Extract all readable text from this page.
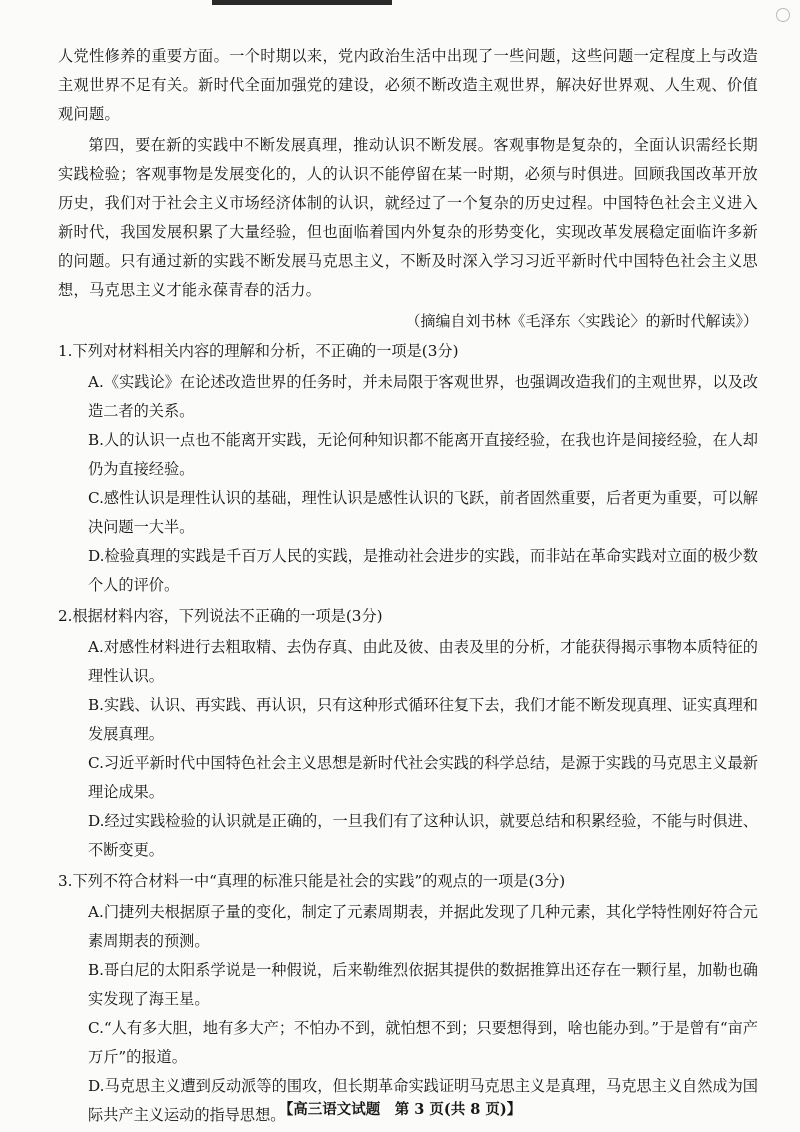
人党性修养的重要方面。一个时期以来，党内政治生活中出现了一些问题，这些问题一定程度上与改造主观世界不足有关。新时代全面加强党的建设，必须不断改造主观世界，解决好世界观、人生观、价值观问题。

第四，要在新的实践中不断发展真理，推动认识不断发展。客观事物是复杂的，全面认识需经长期实践检验；客观事物是发展变化的，人的认识不能停留在某一时期，必须与时俱进。回顾我国改革开放历史，我们对于社会主义市场经济体制的认识，就经过了一个复杂的历史过程。中国特色社会主义进入新时代，我国发展积累了大量经验，但也面临着国内外复杂的形势变化，实现改革发展稳定面临许多新的问题。只有通过新的实践不断发展马克思主义，不断及时深入学习习近平新时代中国特色社会主义思想，马克思主义才能永葆青春的活力。

（摘编自刘书林《毛泽东〈实践论〉的新时代解读》）

1.下列对材料相关内容的理解和分析，不正确的一项是(3分)

A.《实践论》在论述改造世界的任务时，并未局限于客观世界，也强调改造我们的主观世界，以及改造二者的关系。

B.人的认识一点也不能离开实践，无论何种知识都不能离开直接经验，在我也许是间接经验，在人却仍为直接经验。

C.感性认识是理性认识的基础，理性认识是感性认识的飞跃，前者固然重要，后者更为重要，可以解决问题一大半。

D.检验真理的实践是千百万人民的实践，是推动社会进步的实践，而非站在革命实践对立面的极少数个人的评价。

2.根据材料内容，下列说法不正确的一项是(3分)

A.对感性材料进行去粗取精、去伪存真、由此及彼、由表及里的分析，才能获得揭示事物本质特征的理性认识。

B.实践、认识、再实践、再认识，只有这种形式循环往复下去，我们才能不断发现真理、证实真理和发展真理。

C.习近平新时代中国特色社会主义思想是新时代社会实践的科学总结，是源于实践的马克思主义最新理论成果。

D.经过实践检验的认识就是正确的，一旦我们有了这种认识，就要总结和积累经验，不能与时俱进、不断变更。

3.下列不符合材料一中“真理的标准只能是社会的实践”的观点的一项是(3分)

A.门捷列夫根据原子量的变化，制定了元素周期表，并据此发现了几种元素，其化学特性刚好符合元素周期表的预测。

B.哥白尼的太阳系学说是一种假说，后来勒维烈依据其提供的数据推算出还存在一颗行星，加勒也确实发现了海王星。

C.“人有多大胆，地有多大产；不怕办不到，就怕想不到；只要想得到，啥也能办到。”于是曾有“亩产万斤”的报道。

D.马克思主义遭到反动派等的围攻，但长期革命实践证明马克思主义是真理，马克思主义自然成为国际共产主义运动的指导思想。

【高三语文试题　第 3 页(共 8 页)】
